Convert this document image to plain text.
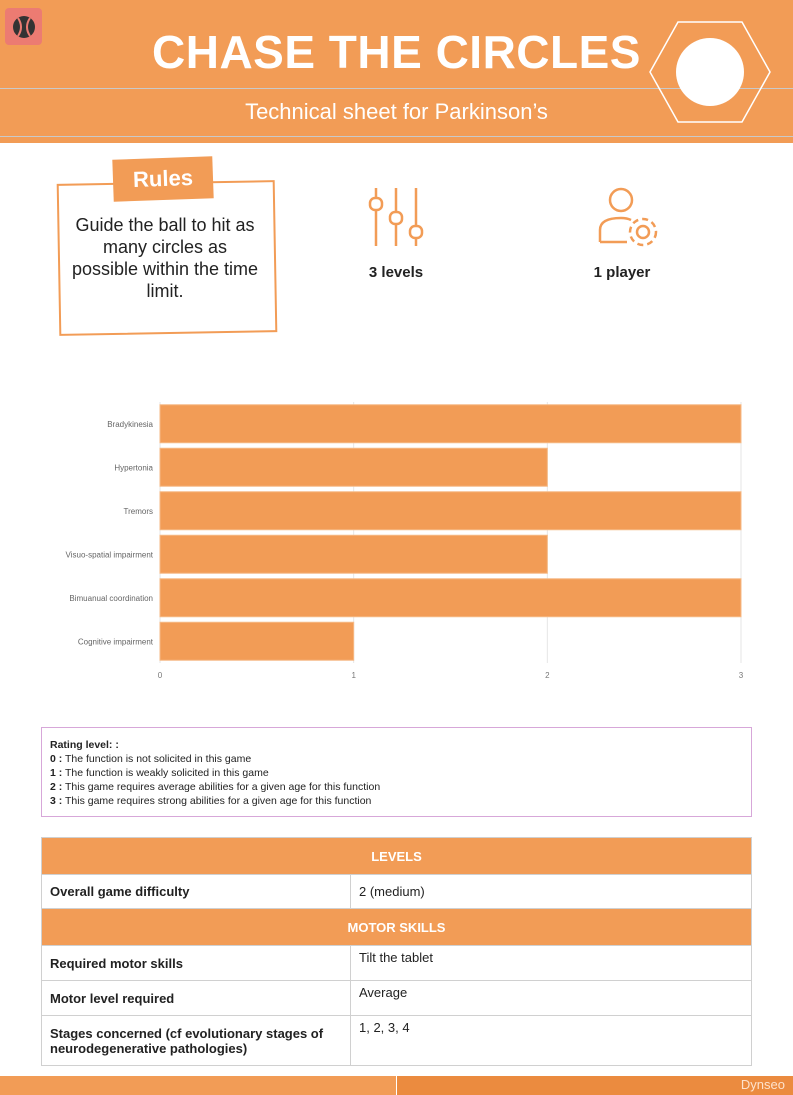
CHASE THE CIRCLES
Technical sheet for Parkinson’s
Rules
Guide the ball to hit as many circles as possible within the time limit.
3 levels	1 player
0	1	2	3
Bradykinesia
Hypertonia
Tremors
Visuo-spatial impairment
Bimuanual coordination
Cognitive impairment
Rating level: :
0 : The function is not solicited in this game
1 : The function is weakly solicited in this game
2 : This game requires average abilities for a given age for this function
3 : This game requires strong abilities for a given age for this function
LEVELS	
Overall game difficulty	2 (medium)
MOTOR SKILLS	
Required motor skills	Tilt the tablet
Motor level required	Average
Stages concerned (cf evolutionary stages of neurodegenerative pathologies)	1, 2, 3, 4
Dynseo
